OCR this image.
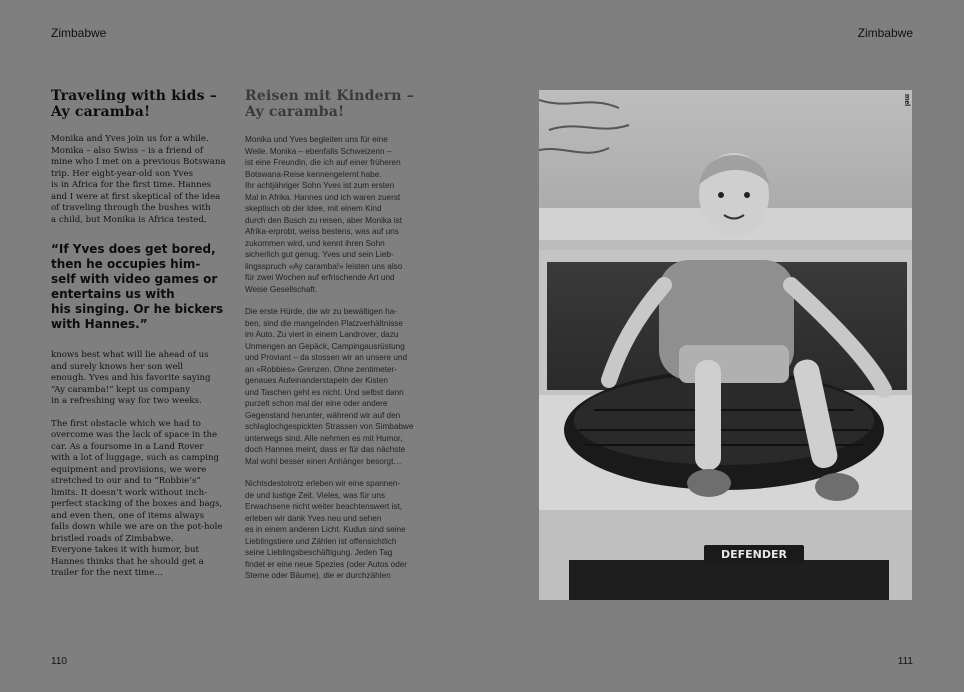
Zimbabwe	Zimbabwe
Traveling with kids –
Ay caramba!

Monika and Yves join us for a while.
Monika – also Swiss – is a friend of
mine who I met on a previous Botswana
trip. Her eight-year-old son Yves
is in Africa for the first time. Hannes
and I were at first skeptical of the idea
of traveling through the bushes with
a child, but Monika is Africa tested,

“If Yves does get bored,
then he occupies him-
self with video games or
entertains us with
his singing. Or he bickers
with Hannes.”

knows best what will lie ahead of us
and surely knows her son well
enough. Yves and his favorite saying
“Ay caramba!” kept us company
in a refreshing way for two weeks.

The first obstacle which we had to
overcome was the lack of space in the
car. As a foursome in a Land Rover
with a lot of luggage, such as camping
equipment and provisions, we were
stretched to our and to “Robbie’s”
limits. It doesn’t work without inch-
perfect stacking of the boxes and bags,
and even then, one of items always
falls down while we are on the pot-hole
bristled roads of Zimbabwe.
Everyone takes it with humor, but
Hannes thinks that he should get a
trailer for the next time…

Reisen mit Kindern –
Ay caramba!

Monika und Yves begleiten uns für eine
Weile. Monika – ebenfalls Schweizerin –
ist eine Freundin, die ich auf einer früheren
Botswana-Reise kennengelernt habe.
Ihr achtjähriger Sohn Yves ist zum ersten
Mal in Afrika. Hannes und ich waren zuerst
skeptisch ob der Idee, mit einem Kind
durch den Busch zu reisen, aber Monika ist
Afrika-erprobt, weiss bestens, was auf uns
zukommen wird, und kennt ihren Sohn
sicherlich gut genug. Yves und sein Lieb-
lingsspruch «Ay caramba!» leisten uns also
für zwei Wochen auf erfrischende Art und
Weise Gesellschaft.

Die erste Hürde, die wir zu bewältigen ha-
ben, sind die mangelnden Platzverhältnisse
im Auto. Zu viert in einem Landrover, dazu
Unmengen an Gepäck, Campingausrüstung
und Proviant – da stossen wir an unsere und
an «Robbies» Grenzen. Ohne zentimeter-
genaues Aufeinanderstapeln der Kisten
und Taschen geht es nicht. Und selbst dann
purzelt schon mal der eine oder andere
Gegenstand herunter, während wir auf den
schlaglochgespickten Strassen von Simbabwe
unterwegs sind. Alle nehmen es mit Humor,
doch Hannes meint, dass er für das nächste
Mal wohl besser einen Anhänger besorgt…

Nichtsdestotrotz erleben wir eine spannen-
de und lustige Zeit. Vieles, was für uns
Erwachsene nicht weiter beachtenswert ist,
erleben wir dank Yves neu und sehen
es in einem anderen Licht. Kudus sind seine
Lieblingstiere und Zählen ist offensichtlich
seine Lieblingsbeschäftigung. Jeden Tag
findet er eine neue Spezies (oder Autos oder
Sterne oder Bäume), die er durchzählen

DEFENDER
mel
110	111
